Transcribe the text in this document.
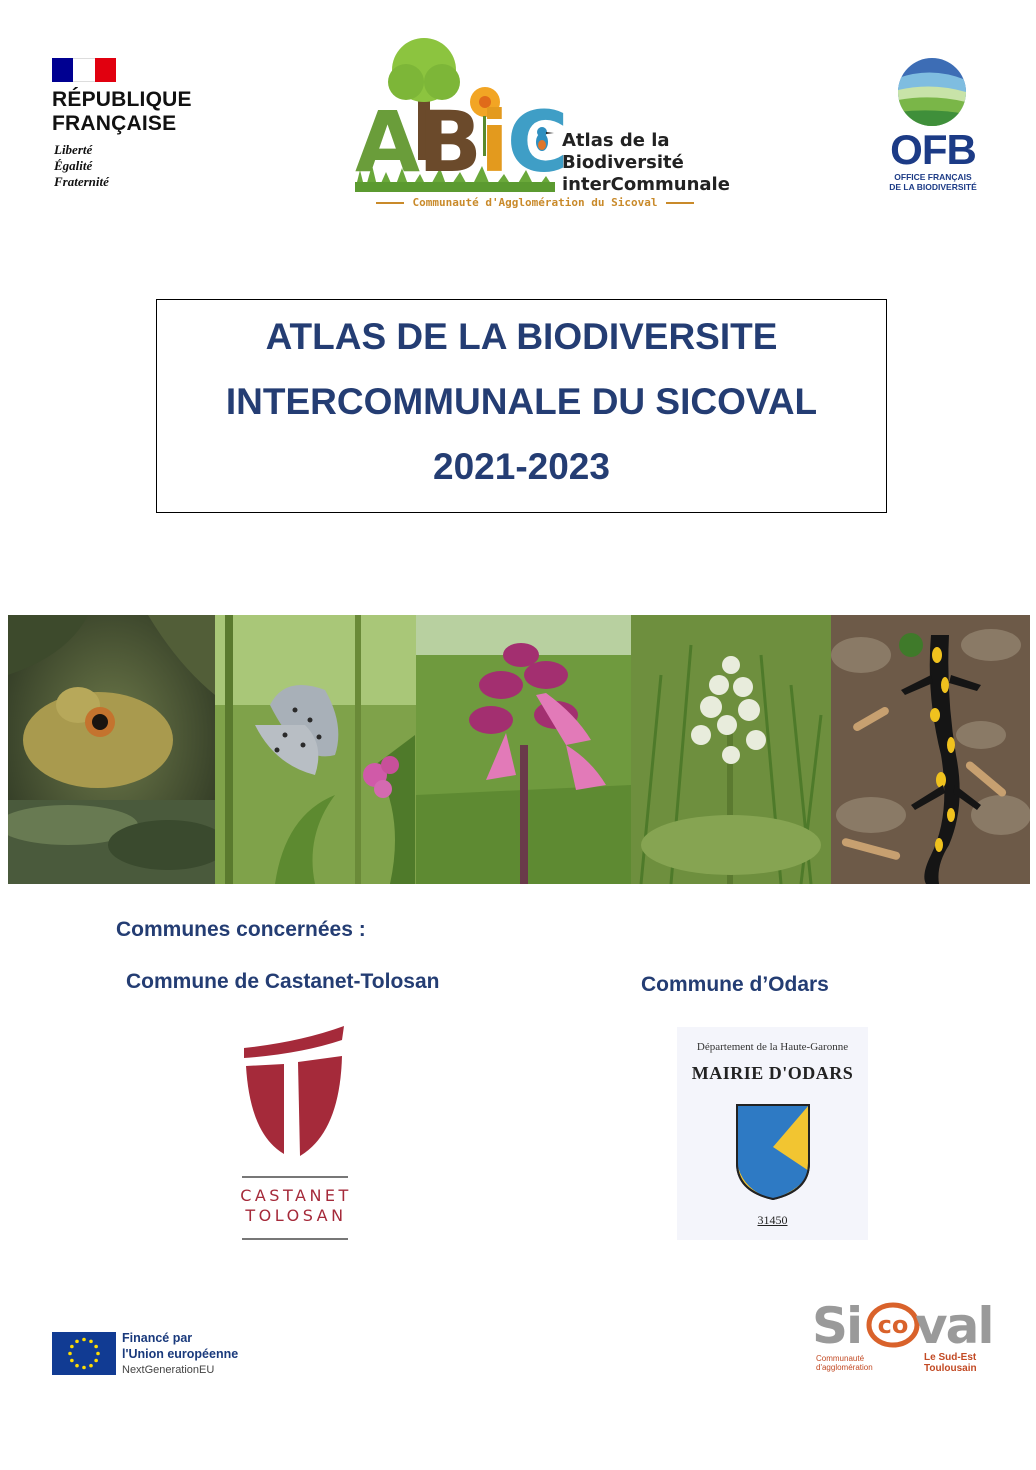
RÉPUBLIQUE
FRANÇAISE
Liberté
Égalité
Fraternité	ABiC
Atlas de la
Biodiversité
interCommunale
Communauté d'Agglomération du Sicoval
OFB
OFFICE FRANÇAIS
DE LA BIODIVERSITÉ
ATLAS DE LA BIODIVERSITE
INTERCOMMUNALE DU SICOVAL
2021-2023
Communes concernées :
Commune de Castanet-Tolosan	Commune d’Odars
CASTANET
TOLOSAN
Département de la Haute-Garonne
MAIRIE D'ODARS
31450
Financé par
l'Union européenne
NextGenerationEU
Si co val
Communauté
d'agglomération
Le Sud-Est
Toulousain
